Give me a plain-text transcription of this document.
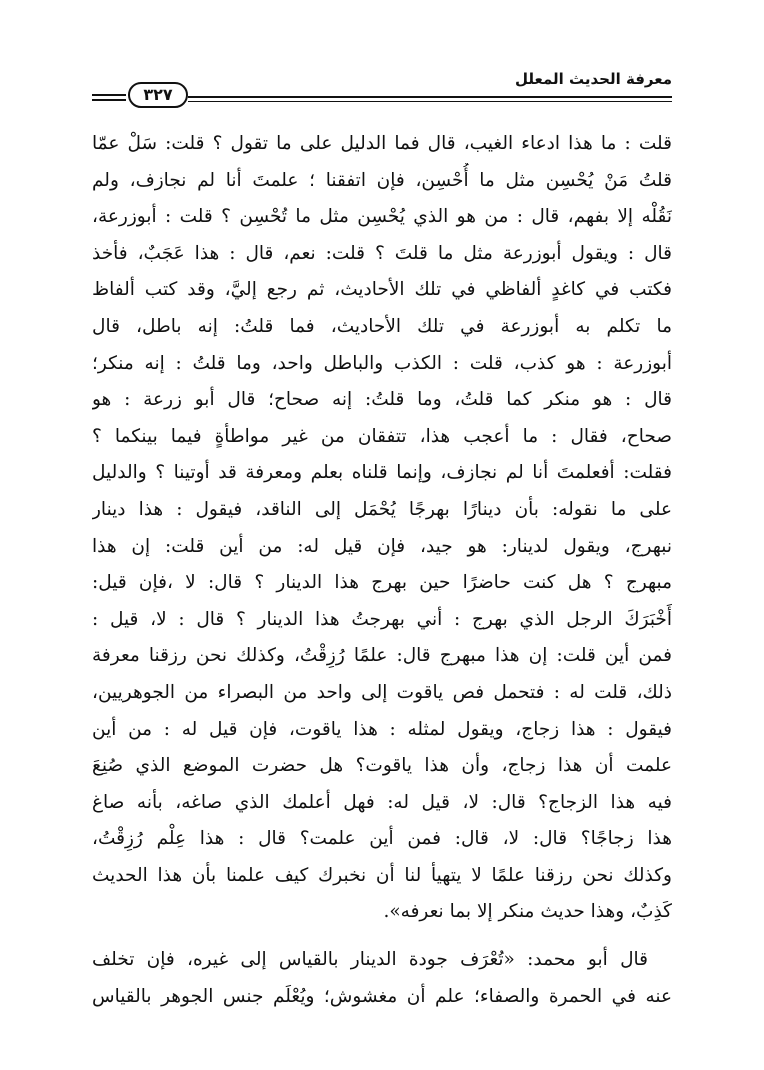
معرفة الحديث المعلل
٣٢٧
قلت : ما هذا ادعاء الغيب، قال فما الدليل على ما تقول ؟ قلت: سَلْ عمّا
قلتُ مَنْ يُحْسِن مثل ما أُحْسِن، فإن اتفقنا ؛ علمتَ أنا لم نجازف، ولم
نَقُلْه إلا بفهم، قال : من هو الذي يُحْسِن مثل ما تُحْسِن ؟ قلت : أبوزرعة،
قال : ويقول أبوزرعة مثل ما قلتَ ؟ قلت: نعم، قال : هذا عَجَبٌ، فأخذ
فكتب في كاغدٍ ألفاظي في تلك الأحاديث، ثم رجع إليَّ، وقد كتب ألفاظ
ما تكلم به أبوزرعة في تلك الأحاديث، فما قلتُ: إنه باطل، قال
أبوزرعة : هو كذب، قلت : الكذب والباطل واحد، وما قلتُ : إنه منكر؛
قال : هو منكر كما قلتُ، وما قلتُ: إنه صحاح؛ قال أبو زرعة : هو
صحاح، فقال : ما أعجب هذا، تتفقان من غير مواطأةٍ فيما بينكما ؟
فقلت: أفعلمتَ أنا لم نجازف، وإنما قلناه بعلم ومعرفة قد أوتينا ؟ والدليل
على ما نقوله: بأن دينارًا بهرجًا يُحْمَل إلى الناقد، فيقول : هذا دينار
نبهرج، ويقول لدينار: هو جيد، فإن قيل له: من أين قلت: إن هذا
مبهرج ؟ هل كنت حاضرًا حين بهرج هذا الدينار ؟ قال: لا ،فإن قيل:
أَخْبَرَكَ الرجل الذي بهرج : أني بهرجتُ هذا الدينار ؟ قال : لا، قيل :
فمن أين قلت: إن هذا مبهرج قال: علمًا رُزِقْتُ، وكذلك نحن رزقنا معرفة
ذلك، قلت له : فتحمل فص ياقوت إلى واحد من البصراء من الجوهريين،
فيقول : هذا زجاج، ويقول لمثله : هذا ياقوت، فإن قيل له : من أين
علمت أن هذا زجاج، وأن هذا ياقوت؟ هل حضرت الموضع الذي صُنِعَ
فيه هذا الزجاج؟ قال: لا، قيل له: فهل أعلمك الذي صاغه، بأنه صاغ
هذا زجاجًا؟ قال: لا، قال: فمن أين علمت؟ قال : هذا عِلْم رُزِقْتُ،
وكذلك نحن رزقنا علمًا لا يتهيأ لنا أن نخبرك كيف علمنا بأن هذا الحديث
كَذِبٌ، وهذا حديث منكر إلا بما نعرفه».
قال أبو محمد: «تُعْرَف جودة الدينار بالقياس إلى غيره، فإن تخلف
عنه في الحمرة والصفاء؛ علم أن مغشوش؛ ويُعْلَم جنس الجوهر بالقياس
